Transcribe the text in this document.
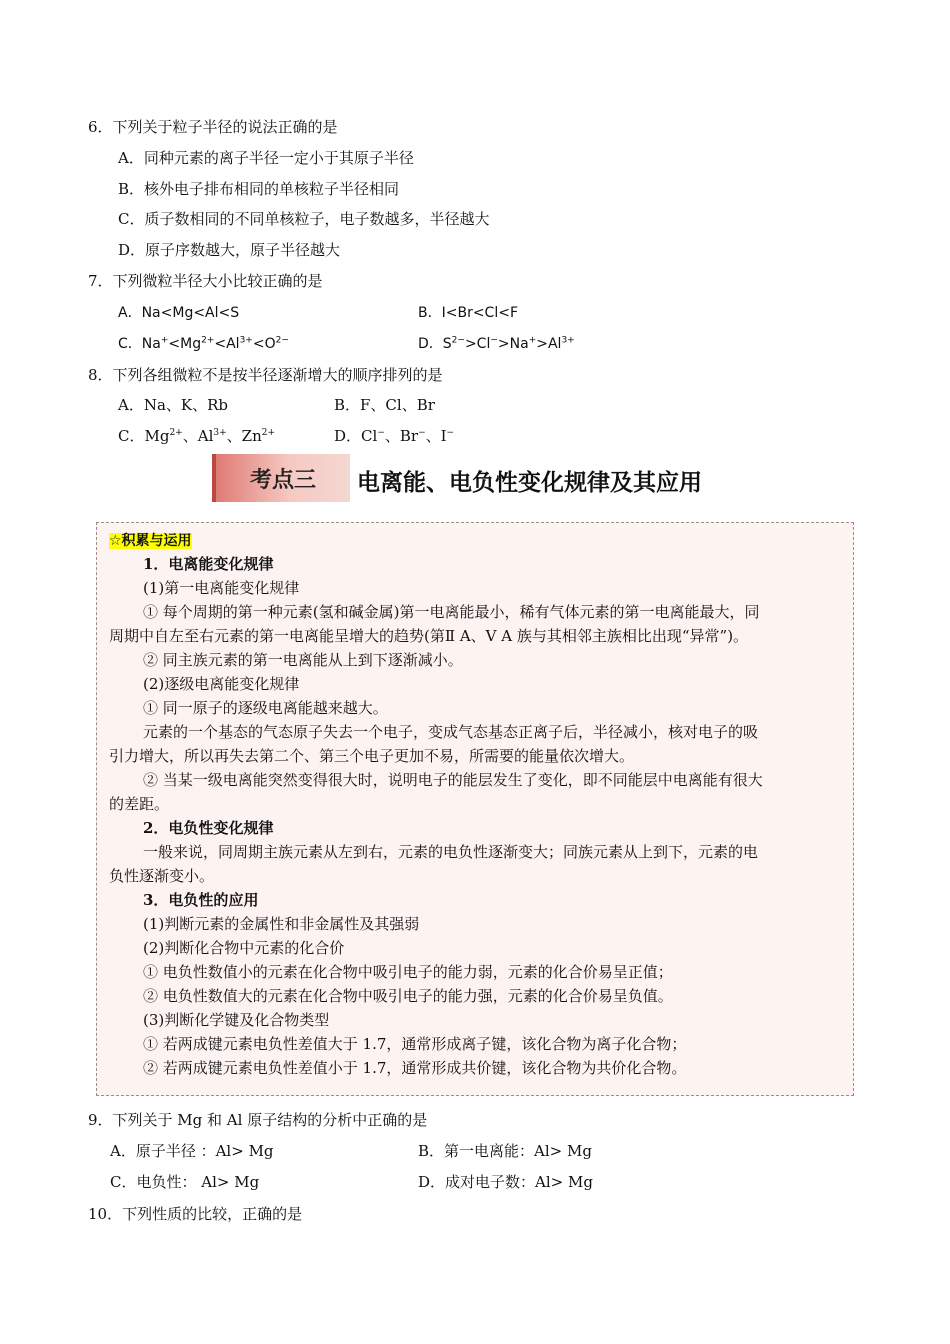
6．下列关于粒子半径的说法正确的是
A．同种元素的离子半径一定小于其原子半径
B．核外电子排布相同的单核粒子半径相同
C．质子数相同的不同单核粒子，电子数越多，半径越大
D．原子序数越大，原子半径越大
7．下列微粒半径大小比较正确的是
A．Na<Mg<Al<S	B．I<Br<Cl<F
C．$Na^+<Mg^{2+}<Al^{3+}<O^{2-}$	D．$S^{2-}>Cl^->Na^+>Al^{3+}$
8．下列各组微粒不是按半径逐渐增大的顺序排列的是
A．Na、K、Rb	B．F、Cl、Br
C．$Mg^{2+}$、$Al^{3+}$、$Zn^{2+}$	D．Cl−、Br−、I−
考点三	电离能、电负性变化规律及其应用
☆积累与运用
1．电离能变化规律
(1)第一电离能变化规律
① 每个周期的第一种元素(氢和碱金属)第一电离能最小，稀有气体元素的第一电离能最大，同
周期中自左至右元素的第一电离能呈增大的趋势(第Ⅱ A、Ⅴ A 族与其相邻主族相比出现“异常”)。
② 同主族元素的第一电离能从上到下逐渐减小。
(2)逐级电离能变化规律
① 同一原子的逐级电离能越来越大。
元素的一个基态的气态原子失去一个电子，变成气态基态正离子后，半径减小，核对电子的吸
引力增大，所以再失去第二个、第三个电子更加不易，所需要的能量依次增大。
② 当某一级电离能突然变得很大时，说明电子的能层发生了变化，即不同能层中电离能有很大
的差距。
2．电负性变化规律
一般来说，同周期主族元素从左到右，元素的电负性逐渐变大；同族元素从上到下，元素的电
负性逐渐变小。
3．电负性的应用
(1)判断元素的金属性和非金属性及其强弱
(2)判断化合物中元素的化合价
① 电负性数值小的元素在化合物中吸引电子的能力弱，元素的化合价易呈正值；
② 电负性数值大的元素在化合物中吸引电子的能力强，元素的化合价易呈负值。
(3)判断化学键及化合物类型
① 若两成键元素电负性差值大于 1.7，通常形成离子键，该化合物为离子化合物；
② 若两成键元素电负性差值小于 1.7，通常形成共价键，该化合物为共价化合物。
9．下列关于 Mg 和 Al 原子结构的分析中正确的是
A．原子半径 ：Al> Mg	B．第一电离能：Al> Mg
C．电负性： Al> Mg	D．成对电子数：Al> Mg
10．下列性质的比较，正确的是
